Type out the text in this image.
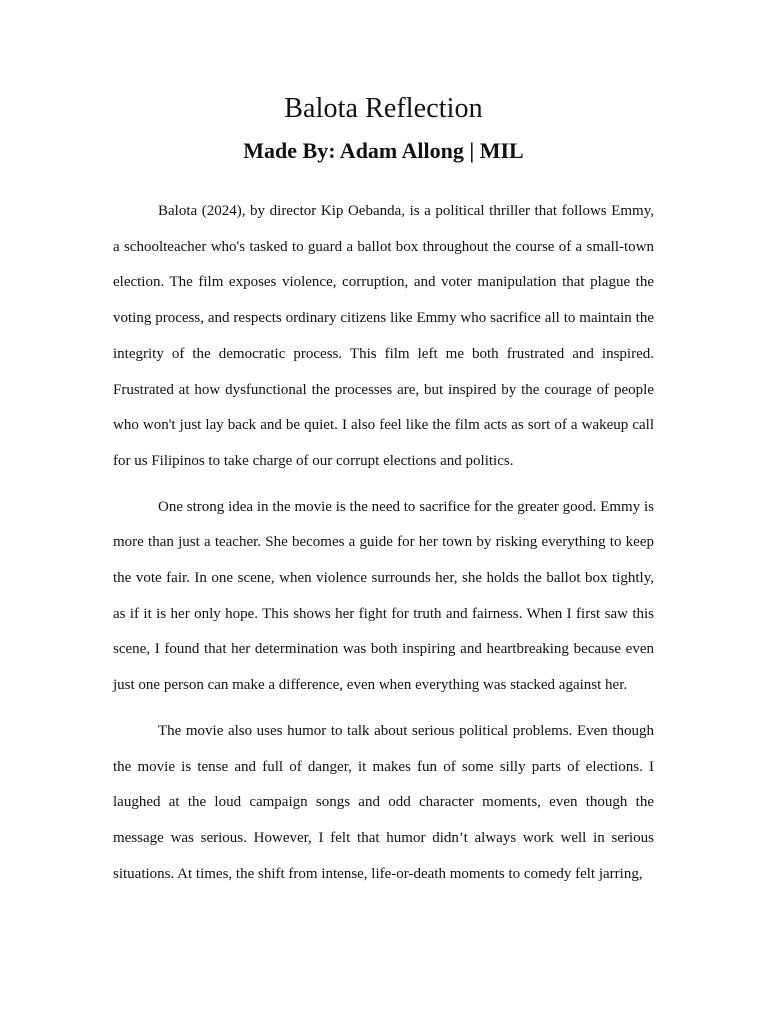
Balota Reflection
Made By: Adam Allong | MIL

Balota (2024), by director Kip Oebanda, is a political thriller that follows Emmy, a schoolteacher who's tasked to guard a ballot box throughout the course of a small-town election. The film exposes violence, corruption, and voter manipulation that plague the voting process, and respects ordinary citizens like Emmy who sacrifice all to maintain the integrity of the democratic process. This film left me both frustrated and inspired. Frustrated at how dysfunctional the processes are, but inspired by the courage of people who won't just lay back and be quiet. I also feel like the film acts as sort of a wakeup call for us Filipinos to take charge of our corrupt elections and politics.

One strong idea in the movie is the need to sacrifice for the greater good. Emmy is more than just a teacher. She becomes a guide for her town by risking everything to keep the vote fair. In one scene, when violence surrounds her, she holds the ballot box tightly, as if it is her only hope. This shows her fight for truth and fairness. When I first saw this scene, I found that her determination was both inspiring and heartbreaking because even just one person can make a difference, even when everything was stacked against her.

The movie also uses humor to talk about serious political problems. Even though the movie is tense and full of danger, it makes fun of some silly parts of elections. I laughed at the loud campaign songs and odd character moments, even though the message was serious. However, I felt that humor didn’t always work well in serious situations. At times, the shift from intense, life-or-death moments to comedy felt jarring,
